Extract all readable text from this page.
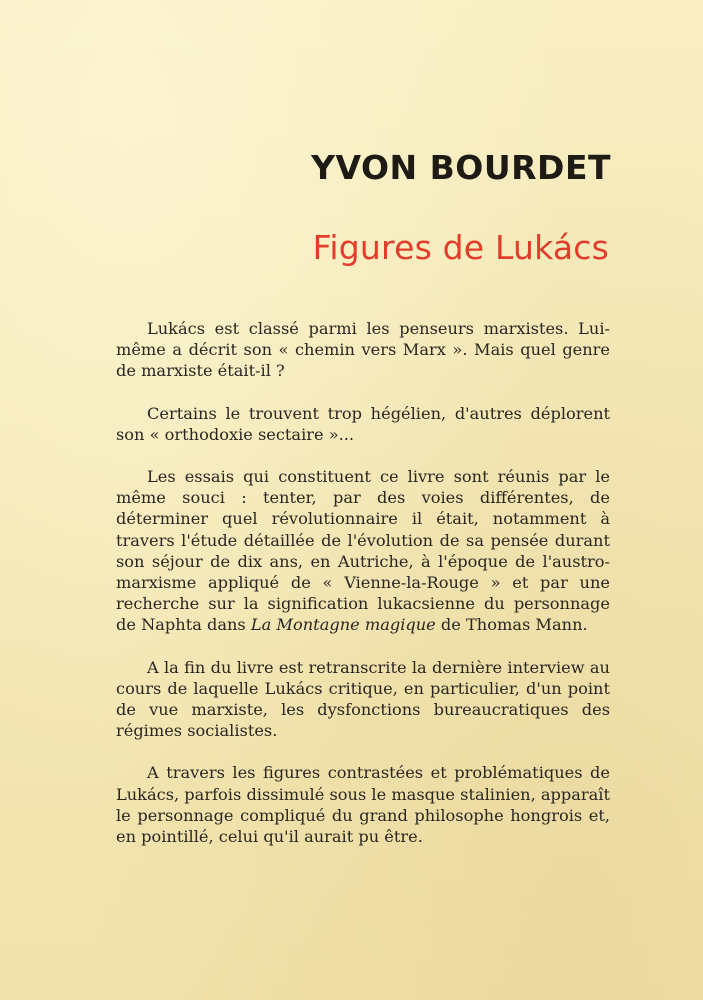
YVON BOURDET
Figures de Lukács

Lukács est classé parmi les penseurs marxistes. Lui-même a décrit son « chemin vers Marx ». Mais quel genre de marxiste était-il ?

Certains le trouvent trop hégélien, d'autres déplorent son « orthodoxie sectaire »...

Les essais qui constituent ce livre sont réunis par le même souci : tenter, par des voies différentes, de déterminer quel révolutionnaire il était, notamment à travers l'étude détaillée de l'évolution de sa pensée durant son séjour de dix ans, en Autriche, à l'époque de l'austro-marxisme appliqué de « Vienne-la-Rouge » et par une recherche sur la signification lukacsienne du personnage de Naphta dans La Montagne magique de Thomas Mann.

A la fin du livre est retranscrite la dernière interview au cours de laquelle Lukács critique, en particulier, d'un point de vue marxiste, les dysfonctions bureaucratiques des régimes socialistes.

A travers les figures contrastées et problématiques de Lukács, parfois dissimulé sous le masque stalinien, apparaît le personnage compliqué du grand philosophe hongrois et, en pointillé, celui qu'il aurait pu être.
